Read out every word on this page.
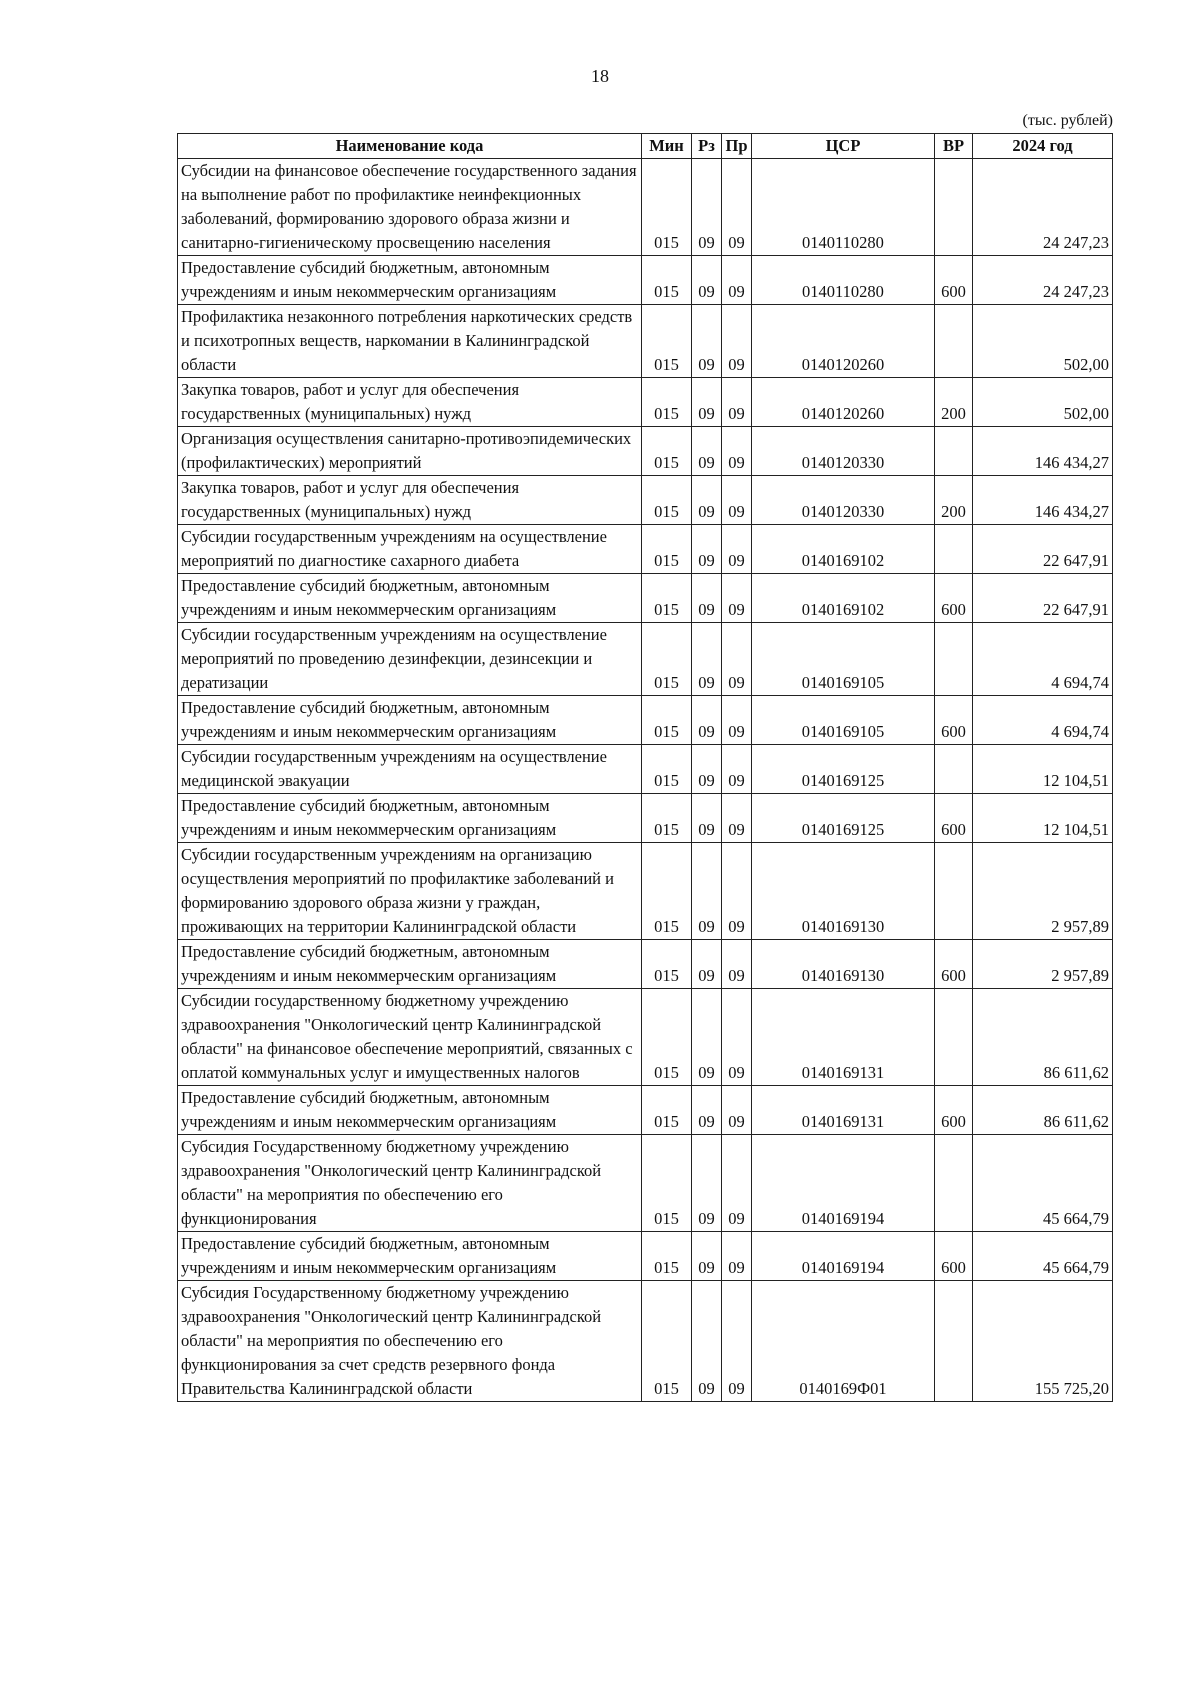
18
(тыс. рублей)
Наименование кода	Мин	Рз	Пр	ЦСР	ВР	2024 год
Субсидии на финансовое обеспечение государственного задания на выполнение работ по профилактике неинфекционных заболеваний, формированию здорового образа жизни и санитарно-гигиеническому просвещению населения	015	09	09	0140110280		24 247,23
Предоставление субсидий бюджетным, автономным учреждениям и иным некоммерческим организациям	015	09	09	0140110280	600	24 247,23
Профилактика незаконного потребления наркотических средств и психотропных веществ, наркомании в Калининградской области	015	09	09	0140120260		502,00
Закупка товаров, работ и услуг для обеспечения государственных (муниципальных) нужд	015	09	09	0140120260	200	502,00
Организация осуществления санитарно-противоэпидемических (профилактических) мероприятий	015	09	09	0140120330		146 434,27
Закупка товаров, работ и услуг для обеспечения государственных (муниципальных) нужд	015	09	09	0140120330	200	146 434,27
Субсидии государственным учреждениям на осуществление мероприятий по диагностике сахарного диабета	015	09	09	0140169102		22 647,91
Предоставление субсидий бюджетным, автономным учреждениям и иным некоммерческим организациям	015	09	09	0140169102	600	22 647,91
Субсидии государственным учреждениям на осуществление мероприятий по проведению дезинфекции, дезинсекции и дератизации	015	09	09	0140169105		4 694,74
Предоставление субсидий бюджетным, автономным учреждениям и иным некоммерческим организациям	015	09	09	0140169105	600	4 694,74
Субсидии государственным учреждениям на осуществление медицинской эвакуации	015	09	09	0140169125		12 104,51
Предоставление субсидий бюджетным, автономным учреждениям и иным некоммерческим организациям	015	09	09	0140169125	600	12 104,51
Субсидии государственным учреждениям на организацию осуществления мероприятий по профилактике заболеваний и формированию здорового образа жизни у граждан, проживающих на территории Калининградской области	015	09	09	0140169130		2 957,89
Предоставление субсидий бюджетным, автономным учреждениям и иным некоммерческим организациям	015	09	09	0140169130	600	2 957,89
Субсидии государственному бюджетному учреждению здравоохранения "Онкологический центр Калининградской области" на финансовое обеспечение мероприятий, связанных с оплатой коммунальных услуг и имущественных налогов	015	09	09	0140169131		86 611,62
Предоставление субсидий бюджетным, автономным учреждениям и иным некоммерческим организациям	015	09	09	0140169131	600	86 611,62
Субсидия Государственному бюджетному учреждению здравоохранения "Онкологический центр Калининградской области" на мероприятия по обеспечению его функционирования	015	09	09	0140169194		45 664,79
Предоставление субсидий бюджетным, автономным учреждениям и иным некоммерческим организациям	015	09	09	0140169194	600	45 664,79
Субсидия Государственному бюджетному учреждению здравоохранения "Онкологический центр Калининградской области" на мероприятия по обеспечению его функционирования за счет средств резервного фонда Правительства Калининградской области	015	09	09	0140169Ф01		155 725,20
